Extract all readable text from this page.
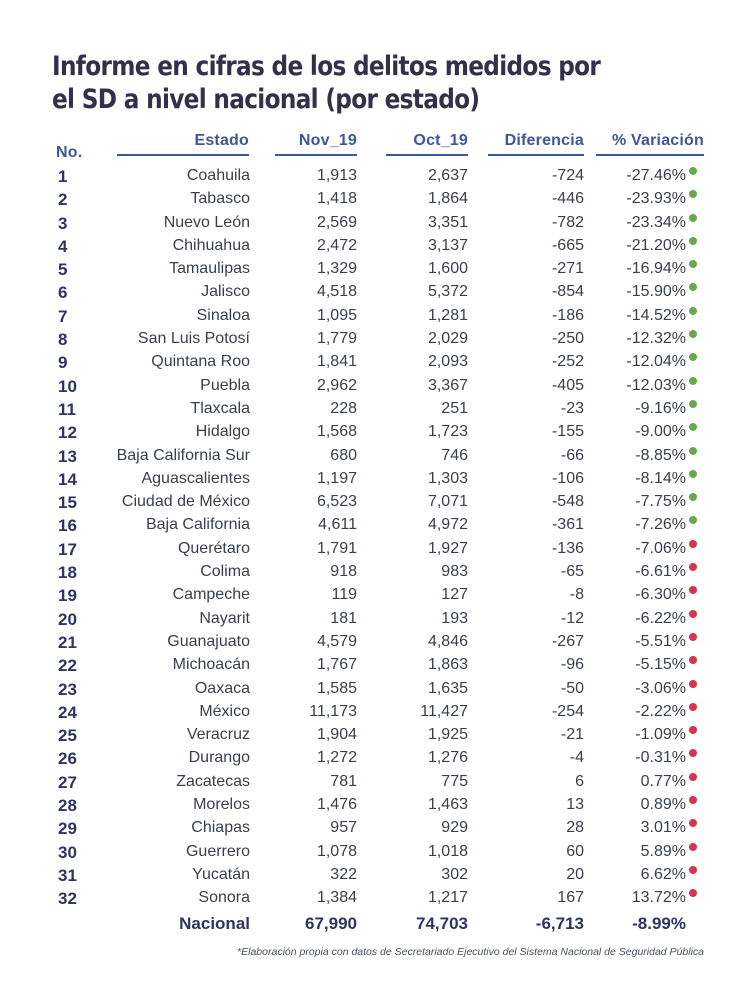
Informe en cifras de los delitos medidos por
el SD a nivel nacional (por estado)
No.
Estado	Nov_19	Oct_19	Diferencia	% Variación
1	Coahuila	1,913	2,637	-724	-27.46%
2	Tabasco	1,418	1,864	-446	-23.93%
3	Nuevo León	2,569	3,351	-782	-23.34%
4	Chihuahua	2,472	3,137	-665	-21.20%
5	Tamaulipas	1,329	1,600	-271	-16.94%
6	Jalisco	4,518	5,372	-854	-15.90%
7	Sinaloa	1,095	1,281	-186	-14.52%
8	San Luis Potosí	1,779	2,029	-250	-12.32%
9	Quintana Roo	1,841	2,093	-252	-12.04%
10	Puebla	2,962	3,367	-405	-12.03%
11	Tlaxcala	228	251	-23	-9.16%
12	Hidalgo	1,568	1,723	-155	-9.00%
13	Baja California Sur	680	746	-66	-8.85%
14	Aguascalientes	1,197	1,303	-106	-8.14%
15	Ciudad de México	6,523	7,071	-548	-7.75%
16	Baja California	4,611	4,972	-361	-7.26%
17	Querétaro	1,791	1,927	-136	-7.06%
18	Colima	918	983	-65	-6.61%
19	Campeche	119	127	-8	-6.30%
20	Nayarit	181	193	-12	-6.22%
21	Guanajuato	4,579	4,846	-267	-5.51%
22	Michoacán	1,767	1,863	-96	-5.15%
23	Oaxaca	1,585	1,635	-50	-3.06%
24	México	11,173	11,427	-254	-2.22%
25	Veracruz	1,904	1,925	-21	-1.09%
26	Durango	1,272	1,276	-4	-0.31%
27	Zacatecas	781	775	6	0.77%
28	Morelos	1,476	1,463	13	0.89%
29	Chiapas	957	929	28	3.01%
30	Guerrero	1,078	1,018	60	5.89%
31	Yucatán	322	302	20	6.62%
32	Sonora	1,384	1,217	167	13.72%
Nacional	67,990	74,703	-6,713	-8.99%
*Elaboración propia con datos de Secretariado Ejecutivo del Sistema Nacional de Seguridad Pública
